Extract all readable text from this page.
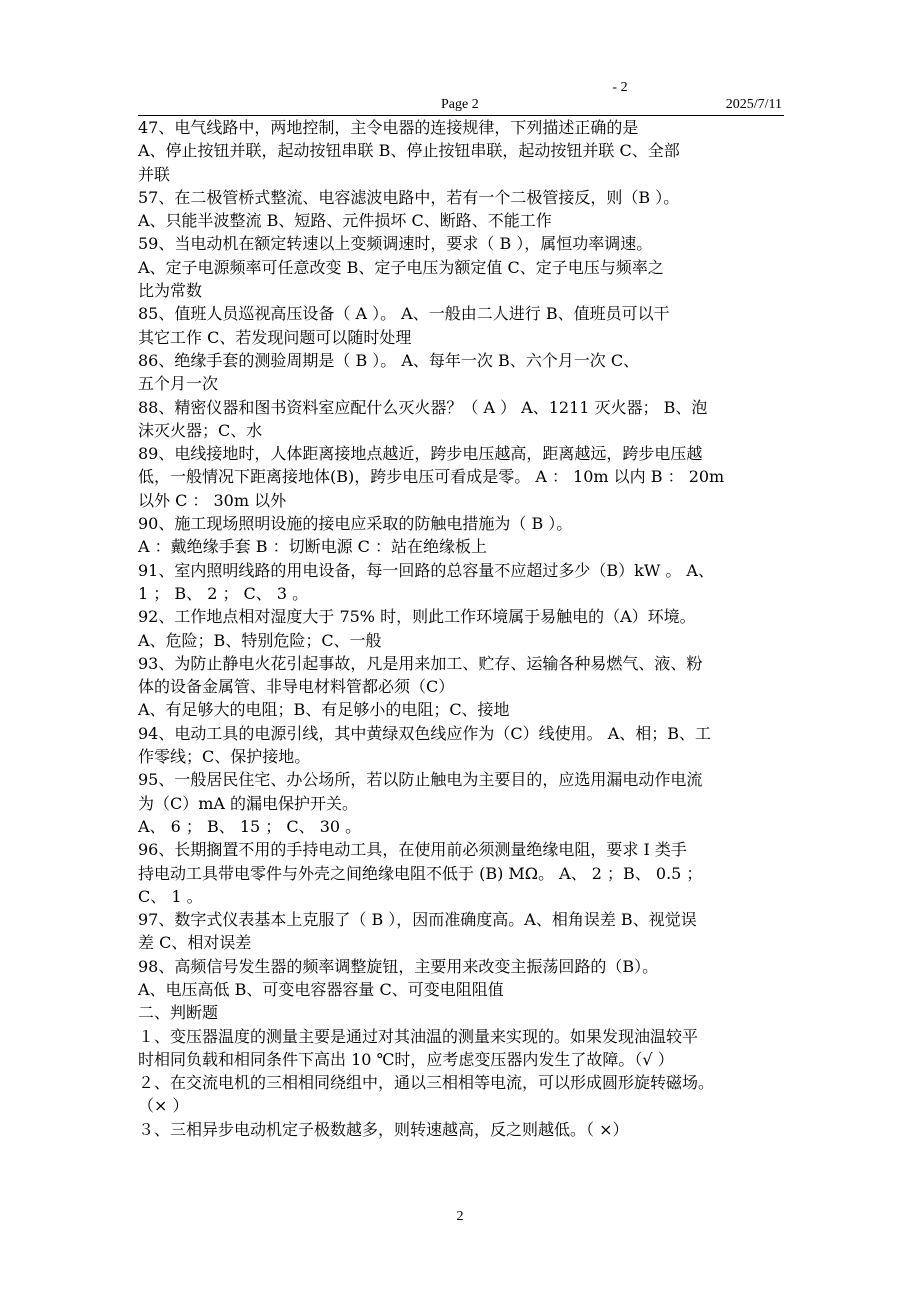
- 2
Page 2	2025/7/11
47、电气线路中，两地控制，主令电器的连接规律，下列描述正确的是
A、停止按钮并联，起动按钮串联 B、停止按钮串联，起动按钮并联 C、全部
并联
57、在二极管桥式整流、电容滤波电路中，若有一个二极管接反，则（B ）。
A、只能半波整流 B、短路、元件损坏 C、断路、不能工作
59、当电动机在额定转速以上变频调速时，要求（ B ），属恒功率调速。
A、定子电源频率可任意改变 B、定子电压为额定值 C、定子电压与频率之
比为常数
85、值班人员巡视高压设备（ A ）。 A、一般由二人进行 B、值班员可以干
其它工作 C、若发现问题可以随时处理
86、绝缘手套的测验周期是（ B ）。 A、每年一次 B、六个月一次 C、
五个月一次
88、精密仪器和图书资料室应配什么灭火器？（ A ） A、1211 灭火器； B、泡
沫灭火器；C、水
89、电线接地时，人体距离接地点越近，跨步电压越高，距离越远，跨步电压越
低，一般情况下距离接地体(B)，跨步电压可看成是零。 A ： 10m 以内 B ： 20m
以外 C ： 30m 以外
90、施工现场照明设施的接电应采取的防触电措施为（ B ）。
A ：戴绝缘手套 B ：切断电源 C ：站在绝缘板上
91、室内照明线路的用电设备，每一回路的总容量不应超过多少（B）kW 。 A、
1 ； B、 2 ； C、 3 。
92、工作地点相对湿度大于 75% 时，则此工作环境属于易触电的（A）环境。
A、危险；B、特别危险；C、一般
93、为防止静电火花引起事故，凡是用来加工、贮存、运输各种易燃气、液、粉
体的设备金属管、非导电材料管都必须（C）
A、有足够大的电阻；B、有足够小的电阻；C、接地
94、电动工具的电源引线，其中黄绿双色线应作为（C）线使用。 A、相；B、工
作零线；C、保护接地。
95、一般居民住宅、办公场所，若以防止触电为主要目的，应选用漏电动作电流
为（C）mA 的漏电保护开关。
A、 6 ； B、 15 ； C、 30 。
96、长期搁置不用的手持电动工具，在使用前必须测量绝缘电阻，要求 I 类手
持电动工具带电零件与外壳之间绝缘电阻不低于 (B) MΩ。 A、 2 ；B、 0.5 ；
C、 1 。
97、数字式仪表基本上克服了（ B ），因而准确度高。A、相角误差 B、视觉误
差 C、相对误差
98、高频信号发生器的频率调整旋钮，主要用来改变主振荡回路的（B）。
A、电压高低 B、可变电容器容量 C、可变电阻阻值
二、判断题
１、变压器温度的测量主要是通过对其油温的测量来实现的。如果发现油温较平
时相同负载和相同条件下高出 10 ℃时，应考虑变压器内发生了故障。（√ ）
２、在交流电机的三相相同绕组中，通以三相相等电流，可以形成圆形旋转磁场。
（× ）
３、三相异步电动机定子极数越多，则转速越高，反之则越低。（ ×）
2
